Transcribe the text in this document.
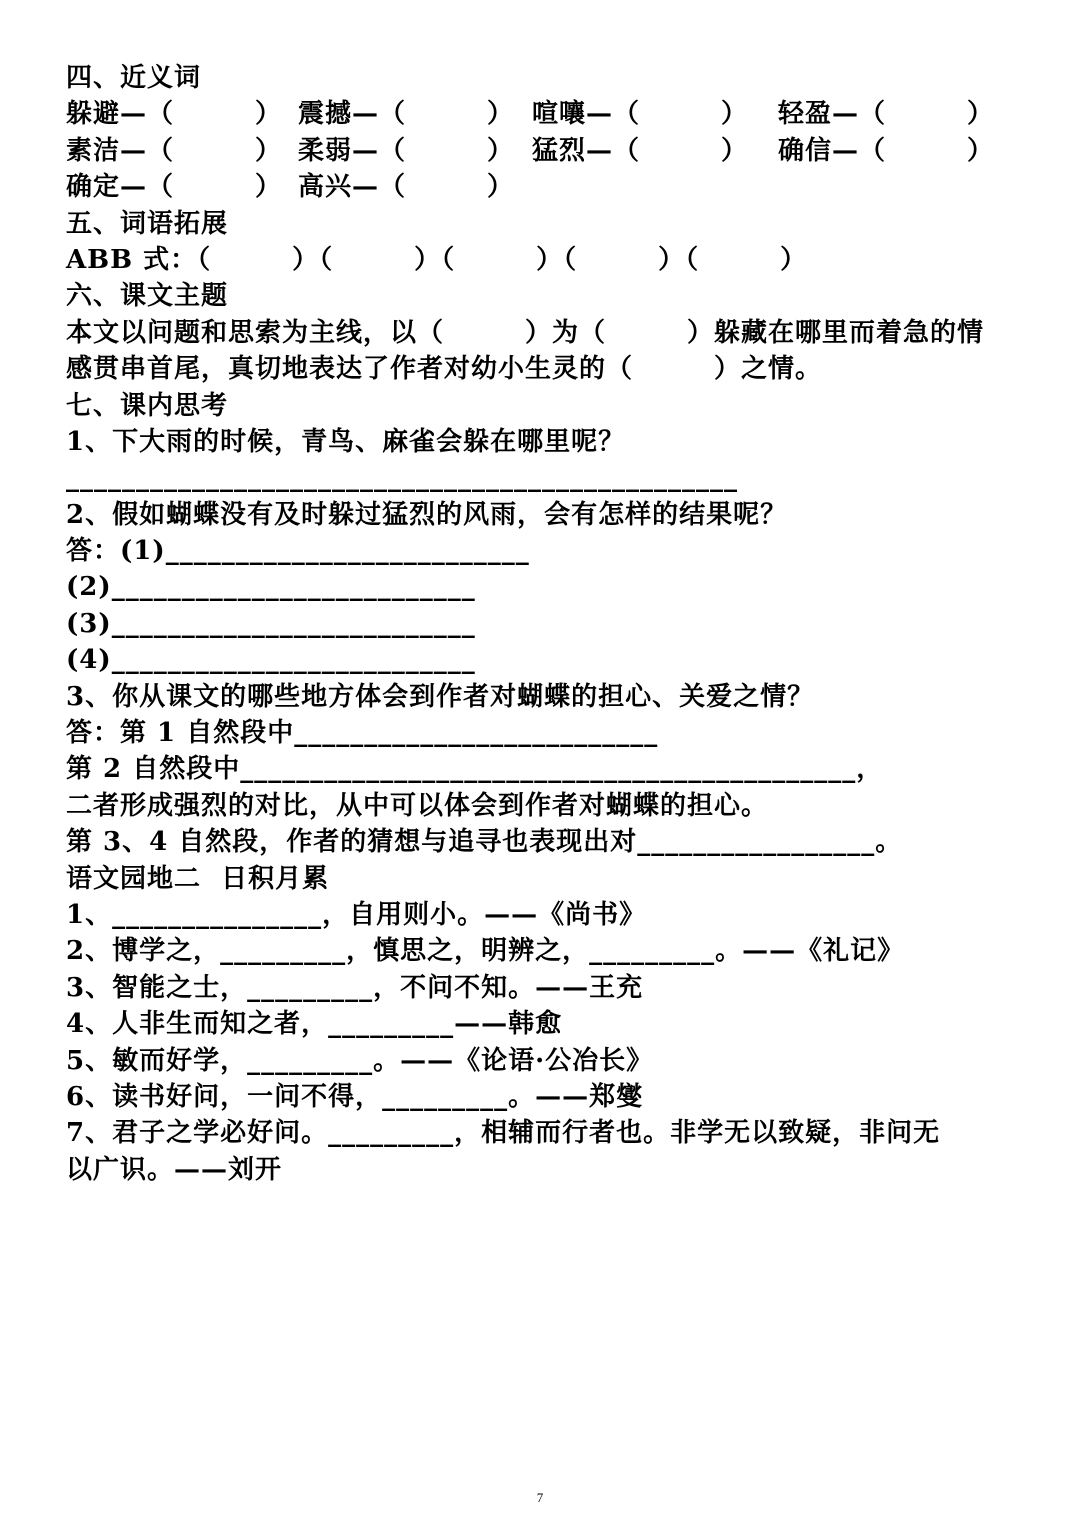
四、近义词

躲避—（　　　）

震撼—（　　　）

喧嚷—（　　　）

轻盈—（　　　）

素洁—（　　　）

柔弱—（　　　）

猛烈—（　　　）

确信—（　　　）

确定—（　　　）

高兴—（　　　）

五、词语拓展
ABB 式：（　　　）（　　　）（　　　）（　　　）（　　　）
六、课文主题
本文以问题和思索为主线，以（　　　）为（　　　）躲藏在哪里而着急的情
感贯串首尾，真切地表达了作者对幼小生灵的（　　　）之情。
七、课内思考
1、下大雨的时候，青鸟、麻雀会躲在哪里呢？
________________________________________________
2、假如蝴蝶没有及时躲过猛烈的风雨，会有怎样的结果呢？
答：(1)__________________________
(2)__________________________
(3)__________________________
(4)__________________________
3、你从课文的哪些地方体会到作者对蝴蝶的担心、关爱之情？
答：第 1 自然段中__________________________
第 2 自然段中____________________________________________，
二者形成强烈的对比，从中可以体会到作者对蝴蝶的担心。
第 3、4 自然段，作者的猜想与追寻也表现出对_________________。
语文园地二  日积月累
1、_______________，自用则小。——《尚书》
2、博学之，_________，慎思之，明辨之，_________。——《礼记》
3、智能之士，_________，不问不知。——王充
4、人非生而知之者，_________——韩愈
5、敏而好学，_________。——《论语·公冶长》
6、读书好问，一问不得，_________。——郑燮
7、君子之学必好问。_________，相辅而行者也。非学无以致疑，非问无
以广识。——刘开
7
